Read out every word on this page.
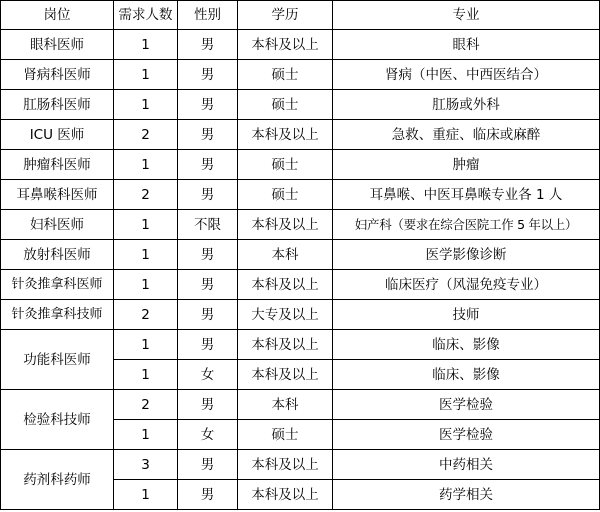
岗位	需求人数	性别	学历	专业
眼科医师	1	男	本科及以上	眼科
肾病科医师	1	男	硕士	肾病（中医、中西医结合）
肛肠科医师	1	男	硕士	肛肠或外科
ICU 医师	2	男	本科及以上	急救、重症、临床或麻醉
肿瘤科医师	1	男	硕士	肿瘤
耳鼻喉科医师	2	男	硕士	耳鼻喉、中医耳鼻喉专业各 1 人
妇科医师	1	不限	本科及以上	妇产科（要求在综合医院工作 5 年以上）
放射科医师	1	男	本科	医学影像诊断
针灸推拿科医师	1	男	本科及以上	临床医疗（风湿免疫专业）
针灸推拿科技师	2	男	大专及以上	技师
功能科医师	1	男	本科及以上	临床、影像
	1	女	本科及以上	临床、影像
检验科技师	2	男	本科	医学检验
	1	女	硕士	医学检验
药剂科药师	3	男	本科及以上	中药相关
	1	男	本科及以上	药学相关
